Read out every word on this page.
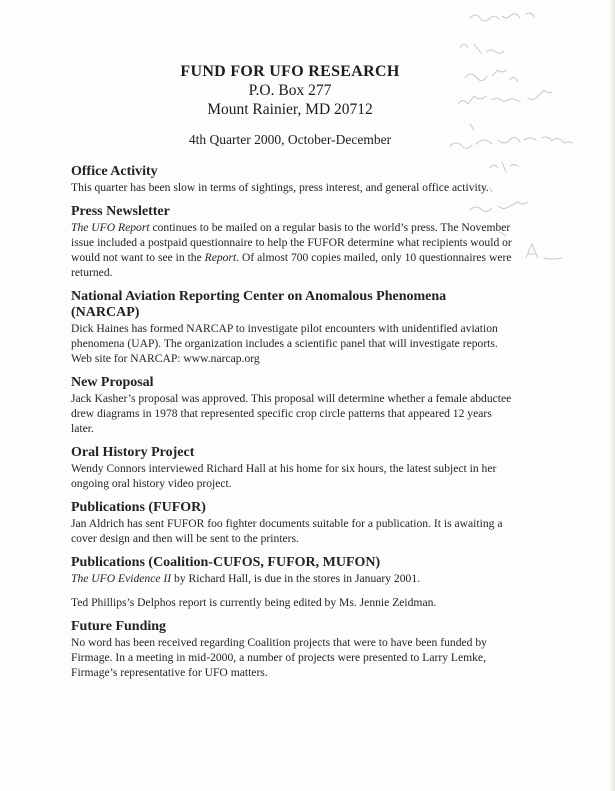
FUND FOR UFO RESEARCH
P.O. Box 277
Mount Rainier, MD 20712
4th Quarter 2000, October-December
Office Activity

This quarter has been slow in terms of sightings, press interest, and general office activity.

Press Newsletter

The UFO Report continues to be mailed on a regular basis to the world’s press. The November issue included a postpaid questionnaire to help the FUFOR determine what recipients would or would not want to see in the Report. Of almost 700 copies mailed, only 10 questionnaires were returned.

National Aviation Reporting Center on Anomalous Phenomena (NARCAP)

Dick Haines has formed NARCAP to investigate pilot encounters with unidentified aviation phenomena (UAP). The organization includes a scientific panel that will investigate reports. Web site for NARCAP: www.narcap.org

New Proposal

Jack Kasher’s proposal was approved. This proposal will determine whether a female abductee drew diagrams in 1978 that represented specific crop circle patterns that appeared 12 years later.

Oral History Project

Wendy Connors interviewed Richard Hall at his home for six hours, the latest subject in her ongoing oral history video project.

Publications (FUFOR)

Jan Aldrich has sent FUFOR foo fighter documents suitable for a publication. It is awaiting a cover design and then will be sent to the printers.

Publications (Coalition-CUFOS, FUFOR, MUFON)

The UFO Evidence II by Richard Hall, is due in the stores in January 2001.

Ted Phillips’s Delphos report is currently being edited by Ms. Jennie Zeidman.

Future Funding

No word has been received regarding Coalition projects that were to have been funded by Firmage. In a meeting in mid-2000, a number of projects were presented to Larry Lemke, Firmage’s representative for UFO matters.
